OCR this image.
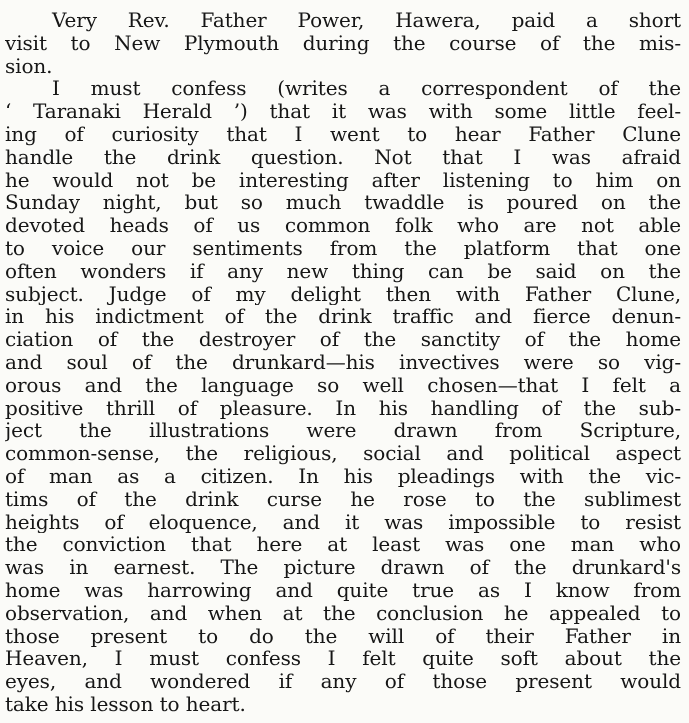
Very Rev. Father Power, Hawera, paid a short
visit to New Plymouth during the course of the mis-
sion.

I must confess (writes a correspondent of the
‘ Taranaki Herald ’) that it was with some little feel-
ing of curiosity that I went to hear Father Clune
handle the drink question. Not that I was afraid
he would not be interesting after listening to him on
Sunday night, but so much twaddle is poured on the
devoted heads of us common folk who are not able
to voice our sentiments from the platform that one
often wonders if any new thing can be said on the
subject. Judge of my delight then with Father Clune,
in his indictment of the drink traffic and fierce denun-
ciation of the destroyer of the sanctity of the home
and soul of the drunkard—his invectives were so vig-
orous and the language so well chosen—that I felt a
positive thrill of pleasure. In his handling of the sub-
ject the illustrations were drawn from Scripture,
common-sense, the religious, social and political aspect
of man as a citizen. In his pleadings with the vic-
tims of the drink curse he rose to the sublimest
heights of eloquence, and it was impossible to resist
the conviction that here at least was one man who
was in earnest. The picture drawn of the drunkard's
home was harrowing and quite true as I know from
observation, and when at the conclusion he appealed to
those present to do the will of their Father in
Heaven, I must confess I felt quite soft about the
eyes, and wondered if any of those present would
take his lesson to heart.
